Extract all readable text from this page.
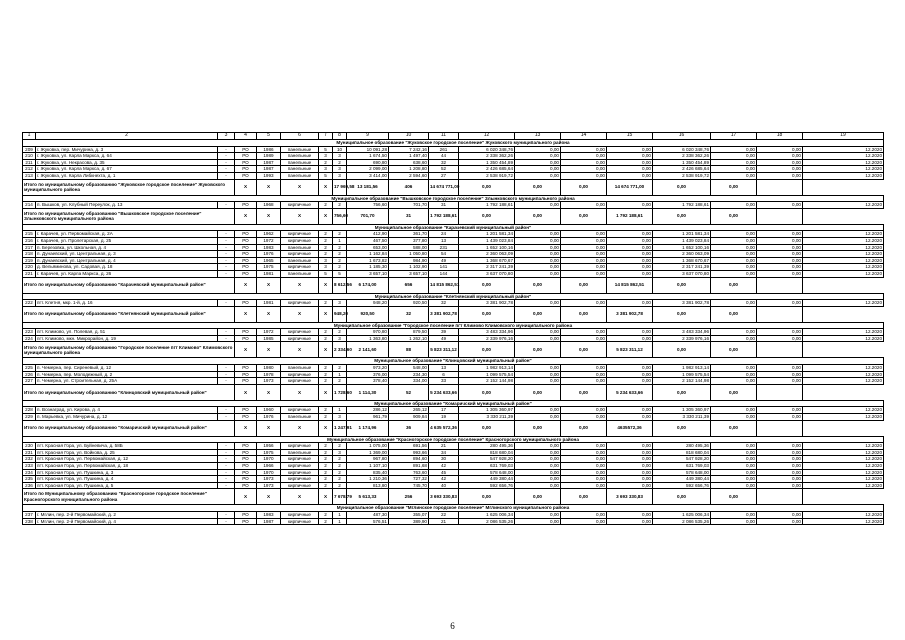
1	2	3	4	5	6	7	8	9	10	11	12	13	14	15	16	17	18	19
Муниципальное образование "Жуковское городское поселение" Жуковского муниципального района																		
209	г. Жуковка, пер. Мичурина, д. 3	-	РО	1986	панельные	5	10	10 091,28	7 242,16	261	6 020 348,76	0,00	0,00	0,00	6 020 348,76	0,00	0,00	12.2020
210	г. Жуковка, ул. Карла Маркса, д. 64	-	РО	1989	панельные	3	3	1 674,50	1 497,40	44	2 338 362,26	0,00	0,00	0,00	2 338 362,26	0,00	0,00	12.2020
211	г. Жуковка, ул. Некрасова, д. 35	-	РО	1987	панельные	2	2	690,80	638,60	32	1 350 454,89	0,00	0,00	0,00	1 350 454,89	0,00	0,00	12.2020
212	г. Жуковка, ул. Карла Маркса, д. 67	-	РО	1987	панельные	3	3	2 099,00	1 208,80	52	2 426 685,64	0,00	0,00	0,00	2 426 685,64	0,00	0,00	12.2020
213	г. Жуковка, ул. Карла Либкнехта, д. 1	-	РО	1993	панельные	5	3	3 414,00	2 594,60	27	2 538 919,72	0,00	0,00	0,00	2 538 919,72	0,00	0,00	12.2020
Итого по муниципальному образованию "Жуковское городское поселение" Жуковского муниципального района			Х	Х	Х	Х	17 969,58	13 181,56	406	14 674 771,00	0,00	0,00	0,00	14 674 771,00	0,00	0,00		
Муниципальное образование "Вышковское городское поселение" Злынковского муниципального района																		
214	п. Вышков, ул. Клубный Переулок, д. 13	-	РО	1968	кирпичные	2	2	756,60	701,70	31	1 792 188,61	0,00	0,00	0,00	1 792 188,61	0,00	0,00	12.2020
Итого по муниципальному образованию "Вышковское городское поселение" Злынковского муниципального района			Х	Х	Х	Х	756,60	701,70	31	1 792 188,61	0,00	0,00	0,00	1 792 188,61	0,00	0,00		
Муниципальное образование "Карачевский муниципальный район"																		
215	г. Карачев, ул. Первомайская, д. 2А	-	РО	1962	кирпичные	2	2	412,90	361,70	24	1 201 581,34	0,00	0,00	0,00	1 201 581,34	0,00	0,00	12.2020
216	г. Карачев, ул. Пролетарская, д. 25	-	РО	1972	кирпичные	2	1	467,50	377,80	13	1 439 023,84	0,00	0,00	0,00	1 439 023,84	0,00	0,00	12.2020
217	п. Березовка, ул. Школьная, д. 4	-	РО	1983	панельные	2	2	653,00	588,00	231	1 652 100,16	0,00	0,00	0,00	1 652 100,16	0,00	0,00	12.2020
218	п. Дунаевский, ул. Центральная, д. 3	-	РО	1976	кирпичные	2	2	1 162,84	1 050,80	54	2 360 063,09	0,00	0,00	0,00	2 360 063,09	0,00	0,00	12.2020
219	п. Дунаевский, ул. Центральная, д. 4	-	РО	1965	панельные	3	2	1 673,82	984,90	49	1 368 670,67	0,00	0,00	0,00	1 368 670,67	0,00	0,00	12.2020
220	д. Вельяминова, ул. Садовая, д. 18	-	РО	1975	кирпичные	3	2	1 185,30	1 102,90	141	2 317 241,39	0,00	0,00	0,00	2 317 241,39	0,00	0,00	12.2020
221	г. Карачев, ул. Карла Маркса, д. 26	-	РО	1981	панельные	5	5	3 657,10	3 657,10	144	3 637 070,80	0,00	0,00	0,00	3 637 070,80	0,00	0,00	12.2020
Итого по муниципальному образованию "Карачевский муниципальный район"			Х	Х	Х	Х	8 612,56	6 174,00	656	14 815 862,51	0,00	0,00	0,00	14 815 862,51	0,00	0,00		
Муниципальное образование "Клетнянский муниципальный район"																		
222	пгт. Клетня, мкр. 1-й, д. 16	-	РО	1981	кирпичные	2	3	948,20	920,50	32	3 381 902,78	0,00	0,00	0,00	3 381 902,78	0,00	0,00	12.2020
Итого по муниципальному образованию "Клетнянский муниципальный район"			Х	Х	Х	Х	948,20	920,50	32	3 381 902,78	0,00	0,00	0,00	3 381 902,78	0,00	0,00		
Муниципальное образование "Городское поселение пгт Климово Климовского муниципального района																		
223	пгт. Климово, ул. Полевая, д. 51	-	РО	1972	кирпичные	2	2	970,80	879,50	39	3 483 334,96	0,00	0,00	0,00	3 483 334,96	0,00	0,00	12.2020
224	пгт. Климово, мкн. Микрорайон, д. 19	-	РО	1985	кирпичные	2	3	1 363,80	1 262,10	49	2 339 976,16	0,00	0,00	0,00	2 339 976,16	0,00	0,00	12.2020
Итого по муниципальному образованию "Городское поселение пгт Климово" Климовского муниципального района			Х	Х	Х	Х	2 334,60	2 141,60	88	5 823 311,12	0,00	0,00	0,00	5 823 311,12	0,00	0,00		
Муниципальное образование "Клинцовский муниципальный район"																		
225	п. Чемерна, пер. Сиреневый, д. 12	-	РО	1980	панельные	2	2	973,20	548,00	13	1 982 913,14	0,00	0,00	0,00	1 982 913,14	0,00	0,00	12.2020
226	п. Чемерна, пер. Молодежный, д. 2	-	РО	1978	кирпичные	2	1	376,00	234,30	6	1 099 575,54	0,00	0,00	0,00	1 099 575,54	0,00	0,00	12.2020
227	п. Чемерна, ул. Строительная, д. 25А	-	РО	1973	кирпичные	2	2	378,40	334,00	33	2 152 144,98	0,00	0,00	0,00	2 152 144,98	0,00	0,00	12.2020
Итого по муниципальному образованию "Клинцовский муниципальный район"			Х	Х	Х	Х	1 728,60	1 114,30	52	5 234 633,66	0,00	0,00	0,00	5 234 633,66	0,00	0,00		
Муниципальное образование "Комаричский муниципальный район"																		
228	п. Вознаград, ул. Кирова, д. 4	-	РО	1960	кирпичные	2	1	286,12	265,12	17	1 305 360,97	0,00	0,00	0,00	1 305 360,97	0,00	0,00	12.2020
229	п. Марьевка, ул. Мичурина, д. 12	-	РО	1976	панельные	2	3	961,79	909,84	19	3 330 211,39	0,00	0,00	0,00	3 330 211,39	0,00	0,00	12.2020
Итого по муниципальному образованию "Комаричский муниципальный район"			Х	Х	Х	Х	1 247,91	1 174,96	36	4 635 572,36	0,00	0,00	0,00	4635572,36	0,00	0,00		
Муниципальное образование "Красногорское городское поселение" Красногорского муниципального района																		
230	пгт. Красная Гора, ул. Буйневича, д. 58Б	-	РО	1956	кирпичные	2	2	1 075,00	691,56	21	280 495,36	0,00	0,00	0,00	280 495,36	0,00	0,00	12.2020
231	пгт. Красная Гора, ул. Войкова, д. 25	-	РО	1975	панельные	2	3	1 369,00	993,66	34	818 680,04	0,00	0,00	0,00	818 680,04	0,00	0,00	12.2020
232	пгт. Красная Гора, ул. Первомайская, д. 12	-	РО	1970	кирпичные	2	2	967,80	894,60	30	547 928,20	0,00	0,00	0,00	547 928,20	0,00	0,00	12.2020
233	пгт. Красная Гора, ул. Первомайская, д. 18	-	РО	1966	кирпичные	2	2	1 107,10	891,68	42	631 769,03	0,00	0,00	0,00	631 769,03	0,00	0,00	12.2020
234	пгт. Красная Гора, ул. Пушкина, д. 3	-	РО	1970	кирпичные	2	2	835,40	763,60	45	578 648,00	0,00	0,00	0,00	578 648,00	0,00	0,00	12.2020
235	пгт. Красная Гора, ул. Пушкина, д. 4	-	РО	1973	кирпичные	2	2	1 210,36	727,32	42	449 380,44	0,00	0,00	0,00	449 380,44	0,00	0,00	12.2020
236	пгт. Красная Гора, ул. Пушкина, д. 5	-	РО	1973	кирпичные	2	2	813,80	745,70	40	592 656,76	0,00	0,00	0,00	592 656,76	0,00	0,00	12.2020
Итого по Муниципальному образованию "Красногорское городское поселение" Красногорского муниципального района			Х	Х	Х	Х	7 678,79	5 613,33	256	3 693 330,83	0,00	0,00	0,00	3 693 330,83	0,00	0,00		
Муниципальное образование "Мглинское городское поселение" Мглинского муниципального района																		
237	г. Мглин, пер. 2-й Первомайский, д. 2	-	РО	1983	кирпичные	2	1	487,30	355,07	22	1 625 006,34	0,00	0,00	0,00	1 625 006,34	0,00	0,00	12.2020
238	г. Мглин, пер. 2-й Первомайский, д. 4	-	РО	1987	кирпичные	2	1	576,51	389,90	21	2 086 535,26	0,00	0,00	0,00	2 086 535,26	0,00	0,00	12.2020
6
